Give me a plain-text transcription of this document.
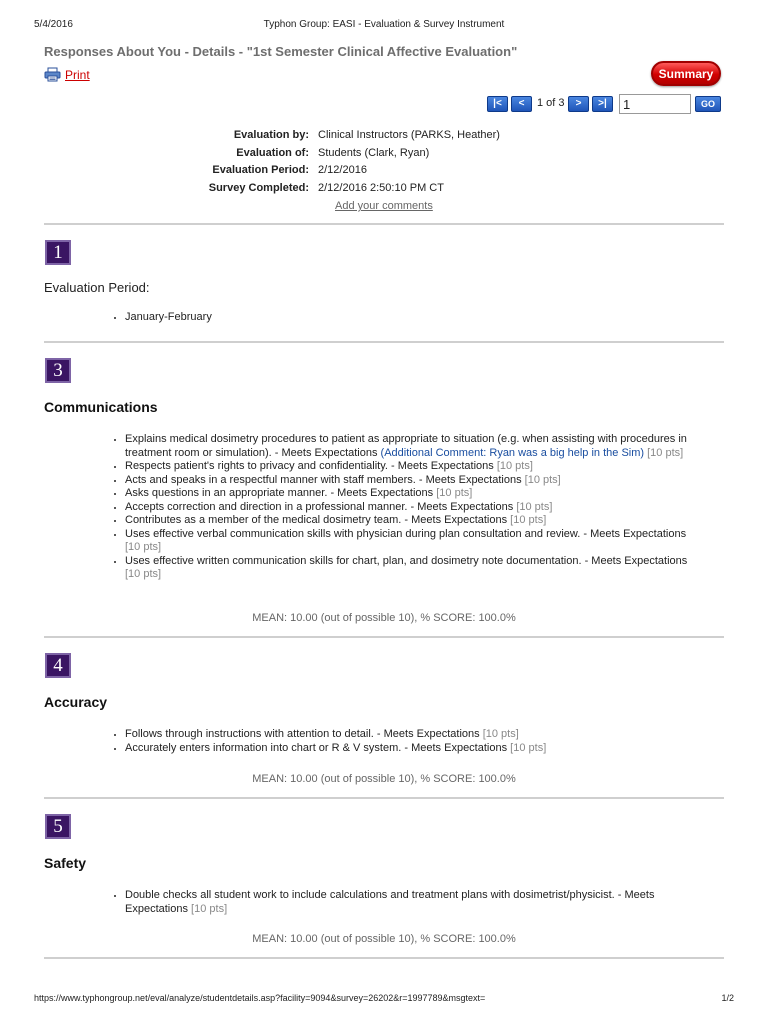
5/4/2016	Typhon Group: EASI - Evaluation & Survey Instrument
Responses About You - Details - "1st Semester Clinical Affective Evaluation"
Print	Summary
|<	<	1 of 3	>	>|
1	GO
Evaluation by: Clinical Instructors (PARKS, Heather)
Evaluation of: Students (Clark, Ryan)
Evaluation Period: 2/12/2016
Survey Completed: 2/12/2016 2:50:10 PM CT
Add your comments
1
Evaluation Period:
• January-February
3
Communications
• Explains medical dosimetry procedures to patient as appropriate to situation (e.g. when assisting with procedures in treatment room or simulation). - Meets Expectations (Additional Comment: Ryan was a big help in the Sim) [10 pts]
• Respects patient's rights to privacy and confidentiality. - Meets Expectations [10 pts]
• Acts and speaks in a respectful manner with staff members. - Meets Expectations [10 pts]
• Asks questions in an appropriate manner. - Meets Expectations [10 pts]
• Accepts correction and direction in a professional manner. - Meets Expectations [10 pts]
• Contributes as a member of the medical dosimetry team. - Meets Expectations [10 pts]
• Uses effective verbal communication skills with physician during plan consultation and review. - Meets Expectations [10 pts]
• Uses effective written communication skills for chart, plan, and dosimetry note documentation. - Meets Expectations [10 pts]
MEAN: 10.00 (out of possible 10), % SCORE: 100.0%
4
Accuracy
• Follows through instructions with attention to detail. - Meets Expectations [10 pts]
• Accurately enters information into chart or R & V system. - Meets Expectations [10 pts]
MEAN: 10.00 (out of possible 10), % SCORE: 100.0%
5
Safety
• Double checks all student work to include calculations and treatment plans with dosimetrist/physicist. - Meets Expectations [10 pts]
MEAN: 10.00 (out of possible 10), % SCORE: 100.0%
https://www.typhongroup.net/eval/analyze/studentdetails.asp?facility=9094&survey=26202&r=1997789&msgtext=	1/2
